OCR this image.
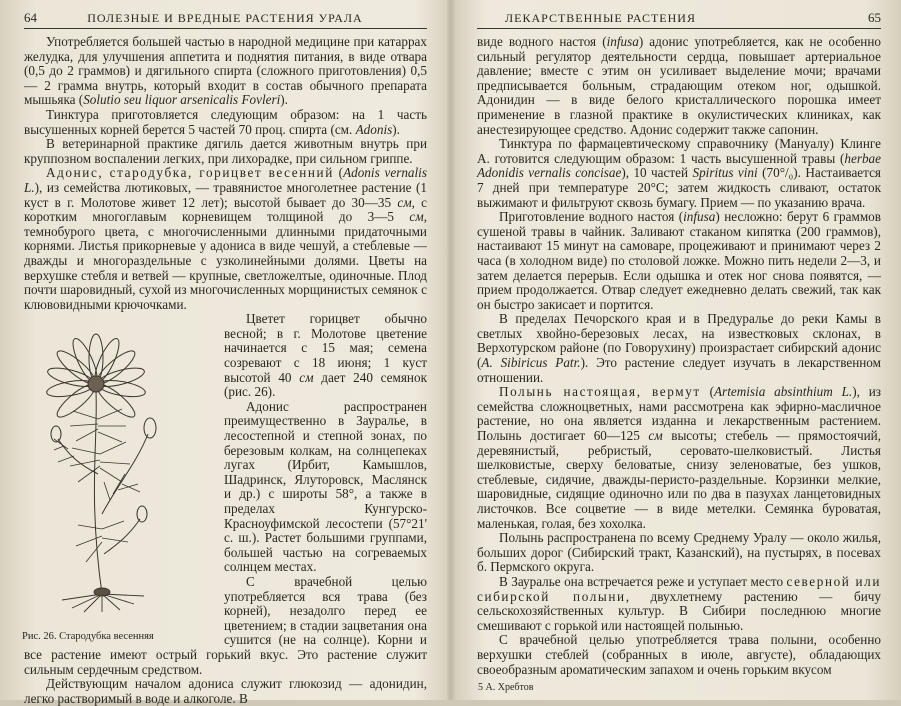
64	ПОЛЕЗНЫЕ И ВРЕДНЫЕ РАСТЕНИЯ УРАЛА

Употребляется большей частью в народной медицине при катаррах желудка, для улучшения аппетита и поднятия питания, в виде отвара (0,5 до 2 граммов) и дягильного спирта (сложного приготовления) 0,5 — 2 грамма внутрь, который входит в состав обычного препарата мышьяка (Solutio seu liquor arsenicalis Fovleri).

Тинктура приготовляется следующим образом: на 1 часть высушенных корней берется 5 частей 70 проц. спирта (см. Adonis).

В ветеринарной практике дягиль дается животным внутрь при круппозном воспалении легких, при лихорадке, при сильном гриппе.

Адонис, стародубка, горицвет весенний (Adonis vernalis L.), из семейства лютиковых, — травянистое многолетнее растение (1 куст в г. Молотове живет 12 лет); высотой бывает до 30—35 см, с коротким многоглавым корневищем толщиной до 3—5 см, темнобурого цвета, с многочисленными длинными придаточными корнями. Листья прикорневые у адониса в виде чешуй, а стеблевые — дважды и многораздельные с узколинейными долями. Цветы на верхушке стебля и ветвей — крупные, светложелтые, одиночные. Плод почти шаровидный, сухой из многочисленных морщинистых семянок с клювовидными крючочками.

Рис. 26. Стародубка весенняя

Цветет горицвет обычно весной; в г. Молотове цветение начинается с 15 мая; семена созревают с 18 июня; 1 куст высотой 40 см дает 240 семянок (рис. 26).

Адонис распространен преимущественно в Зауралье, в лесостепной и степной зонах, по березовым колкам, на солнцепеках лугах (Ирбит, Камышлов, Шадринск, Ялуторовск, Маслянск и др.) с широты 58°, а также в пределах Кунгурско-Красноуфимской лесостепи (57°21' с. ш.). Растет большими группами, большей частью на согреваемых солнцем местах.

С врачебной целью употребляется вся трава (без корней), незадолго перед ее цветением; в стадии зацветания она сушится (не на солнце). Корни и все растение имеют острый горький вкус. Это растение служит сильным сердечным средством.

Действующим началом адониса служит глюкозид — адонидин, легко растворимый в воде и алкоголе. В

ЛЕКАРСТВЕННЫЕ РАСТЕНИЯ	65

виде водного настоя (infusa) адонис употребляется, как не особенно сильный регулятор деятельности сердца, повышает артериальное давление; вместе с этим он усиливает выделение мочи; врачами предписывается больным, страдающим отеком ног, одышкой. Адонидин — в виде белого кристаллического порошка имеет применение в глазной практике в окулистических клиниках, как анестезирующее средство. Адонис содержит также сапонин.

Тинктура по фармацевтическому справочнику (Мануалу) Клинге А. готовится следующим образом: 1 часть высушенной травы (herbae Adonidis vernalis concisae), 10 частей Spiritus vini (70°/₀). Настаивается 7 дней при температуре 20°C; затем жидкость сливают, остаток выжимают и фильтруют сквозь бумагу. Прием — по указанию врача.

Приготовление водного настоя (infusa) несложно: берут 6 граммов сушеной травы в чайник. Заливают стаканом кипятка (200 граммов), настаивают 15 минут на самоваре, процеживают и принимают через 2 часа (в холодном виде) по столовой ложке. Можно пить недели 2—3, и затем делается перерыв. Если одышка и отек ног снова появятся, — прием продолжается. Отвар следует ежедневно делать свежий, так как он быстро закисает и портится.

В пределах Печорского края и в Предуралье до реки Камы в светлых хвойно-березовых лесах, на известковых склонах, в Верхотурском районе (по Говорухину) произрастает сибирский адонис (A. Sibiricus Patr.). Это растение следует изучать в лекарственном отношении.

Полынь настоящая, вермут (Artemisia absinthium L.), из семейства сложноцветных, нами рассмотрена как эфирно-масличное растение, но она является изданна и лекарственным растением. Полынь достигает 60—125 см высоты; стебель — прямостоячий, деревянистый, ребристый, серовато-шелковистый. Листья шелковистые, сверху беловатые, снизу зеленоватые, без ушков, стеблевые, сидячие, дважды-перисто-раздельные. Корзинки мелкие, шаровидные, сидящие одиночно или по два в пазухах ланцетовидных листочков. Все соцветие — в виде метелки. Семянка буроватая, маленькая, голая, без хохолка.

Полынь распространена по всему Среднему Уралу — около жилья, больших дорог (Сибирский тракт, Казанский), на пустырях, в посевах б. Пермского округа.

В Зауралье она встречается реже и уступает место северной или сибирской полыни, двухлетнему растению — бичу сельскохозяйственных культур. В Сибири последнюю многие смешивают с горькой или настоящей полынью.

С врачебной целью употребляется трава полыни, особенно верхушки стеблей (собранных в июле, августе), обладающих своеобразным ароматическим запахом и очень горьким вкусом

5 А. Хребтов
